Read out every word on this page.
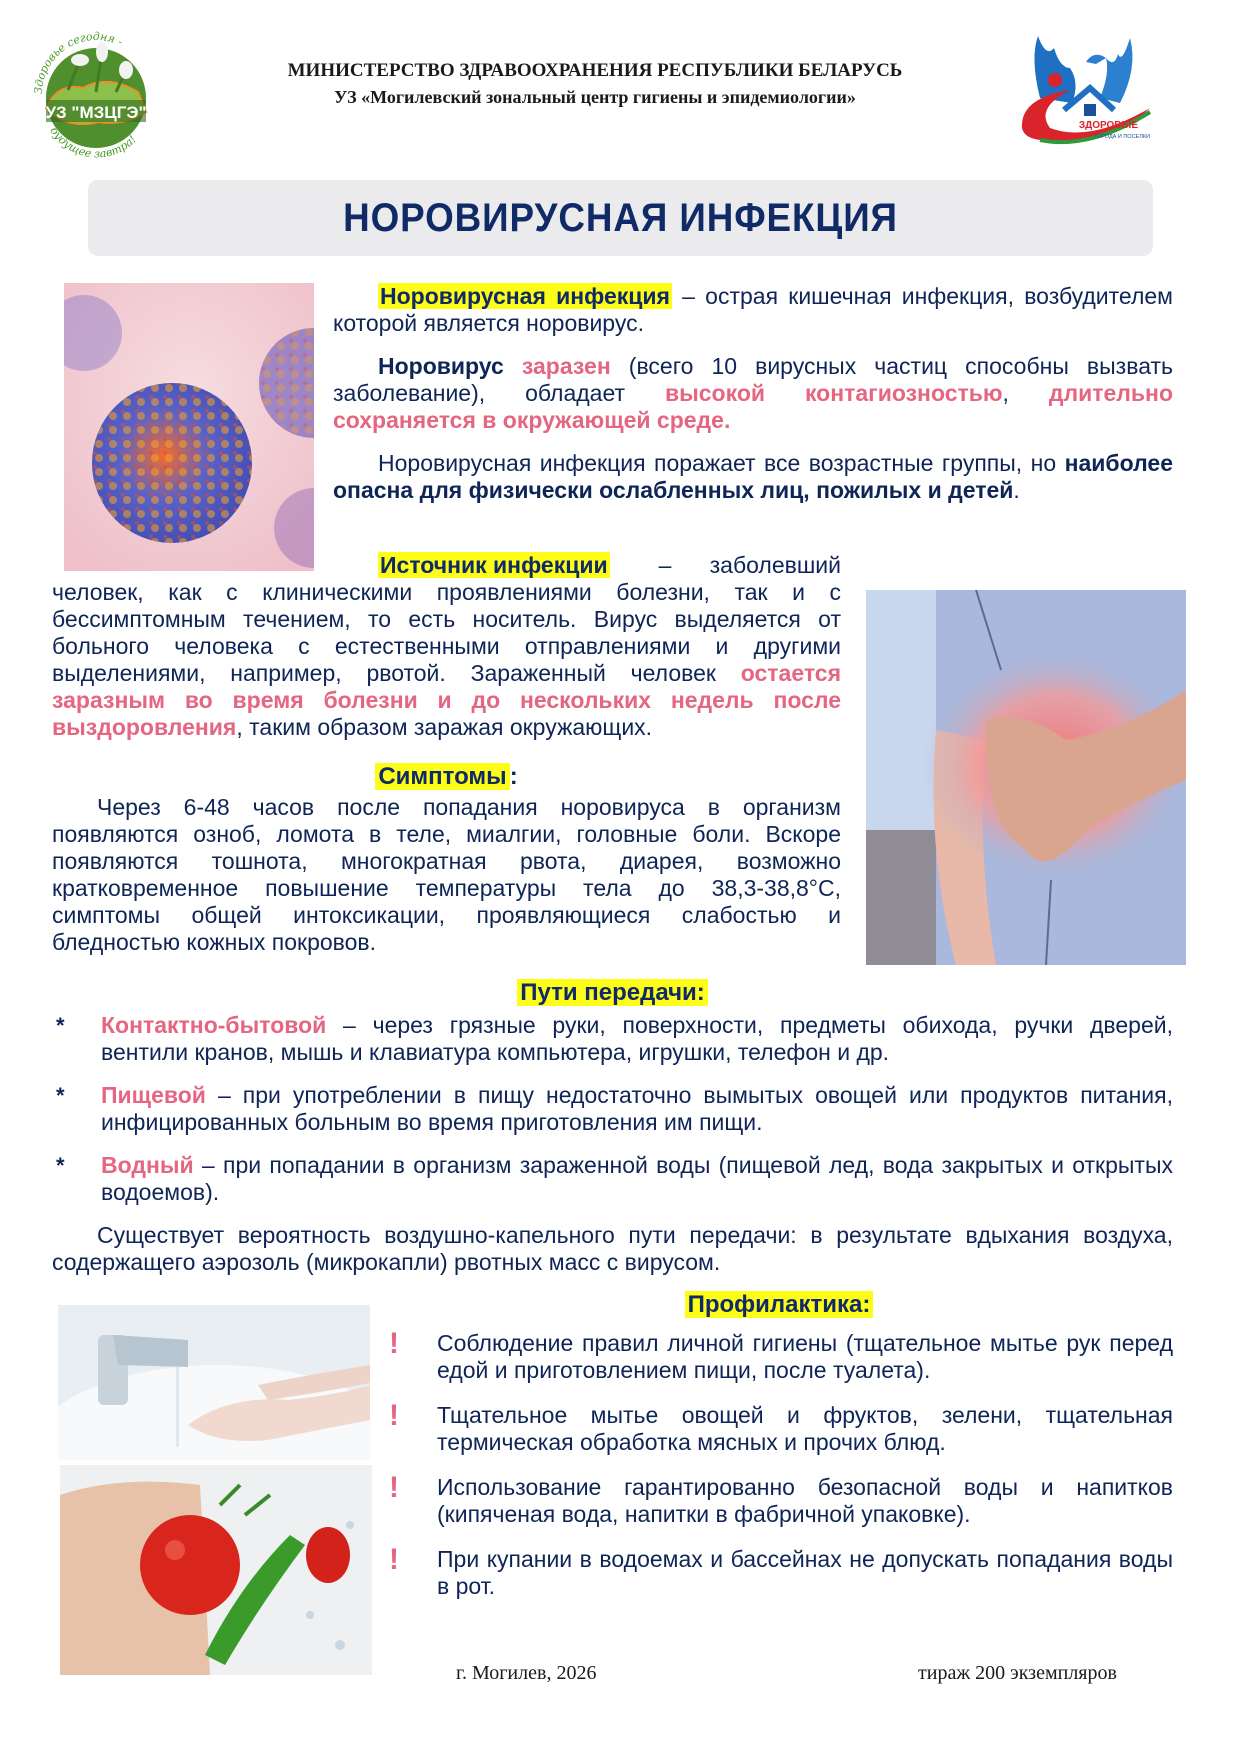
УЗ "МЗЦГЭ"
Здоровье сегодня -
будущее завтра!
МИНИСТЕРСТВО ЗДРАВООХРАНЕНИЯ РЕСПУБЛИКИ БЕЛАРУСЬ
УЗ «Могилевский зональный центр гигиены и эпидемиологии»
ЗДОРОВЫЕ
ГОРОДА И ПОСЕЛКИ
НОРОВИРУСНАЯ ИНФЕКЦИЯ

Норовирусная инфекция – острая кишечная инфекция, возбудителем которой является норовирус.

Норовирус заразен (всего 10 вирусных частиц способны вызвать заболевание), обладает высокой контагиозностью, длительно сохраняется в окружающей среде.

Норовирусная инфекция поражает все возрастные группы, но наиболее опасна для физически ослабленных лиц, пожилых и детей.

Источник инфекции – заболевший человек, как с клиническими проявлениями болезни, так и с бессимптомным течением, то есть носитель. Вирус выделяется от больного человека с естественными отправлениями и другими выделениями, например, рвотой. Зараженный человек остается заразным во время болезни и до нескольких недель после выздоровления, таким образом заражая окружающих.

Симптомы :

Через 6-48 часов после попадания норовируса в организм появляются озноб, ломота в теле, миалгии, головные боли. Вскоре появляются тошнота, многократная рвота, диарея, возможно кратковременное повышение температуры тела до 38,3-38,8°С, симптомы общей интоксикации, проявляющиеся слабостью и бледностью кожных покровов.

Пути передачи:
*	Контактно-бытовой – через грязные руки, поверхности, предметы обихода, ручки дверей, вентили кранов, мышь и клавиатура компьютера, игрушки, телефон и др.
*	Пищевой – при употреблении в пищу недостаточно вымытых овощей или продуктов питания, инфицированных больным во время приготовления им пищи.
*	Водный – при попадании в организм зараженной воды (пищевой лед, вода закрытых и открытых водоемов).

Существует вероятность воздушно-капельного пути передачи: в результате вдыхания воздуха, содержащего аэрозоль (микрокапли) рвотных масс с вирусом.

Профилактика:
!	Соблюдение правил личной гигиены (тщательное мытье рук перед едой и приготовлением пищи, после туалета).
!	Тщательное мытье овощей и фруктов, зелени, тщательная термическая обработка мясных и прочих блюд.
!	Использование гарантированно безопасной воды и напитков (кипяченая вода, напитки в фабричной упаковке).
!	При купании в водоемах и бассейнах не допускать попадания воды в рот.
г. Могилев, 2026	тираж 200 экземпляров
